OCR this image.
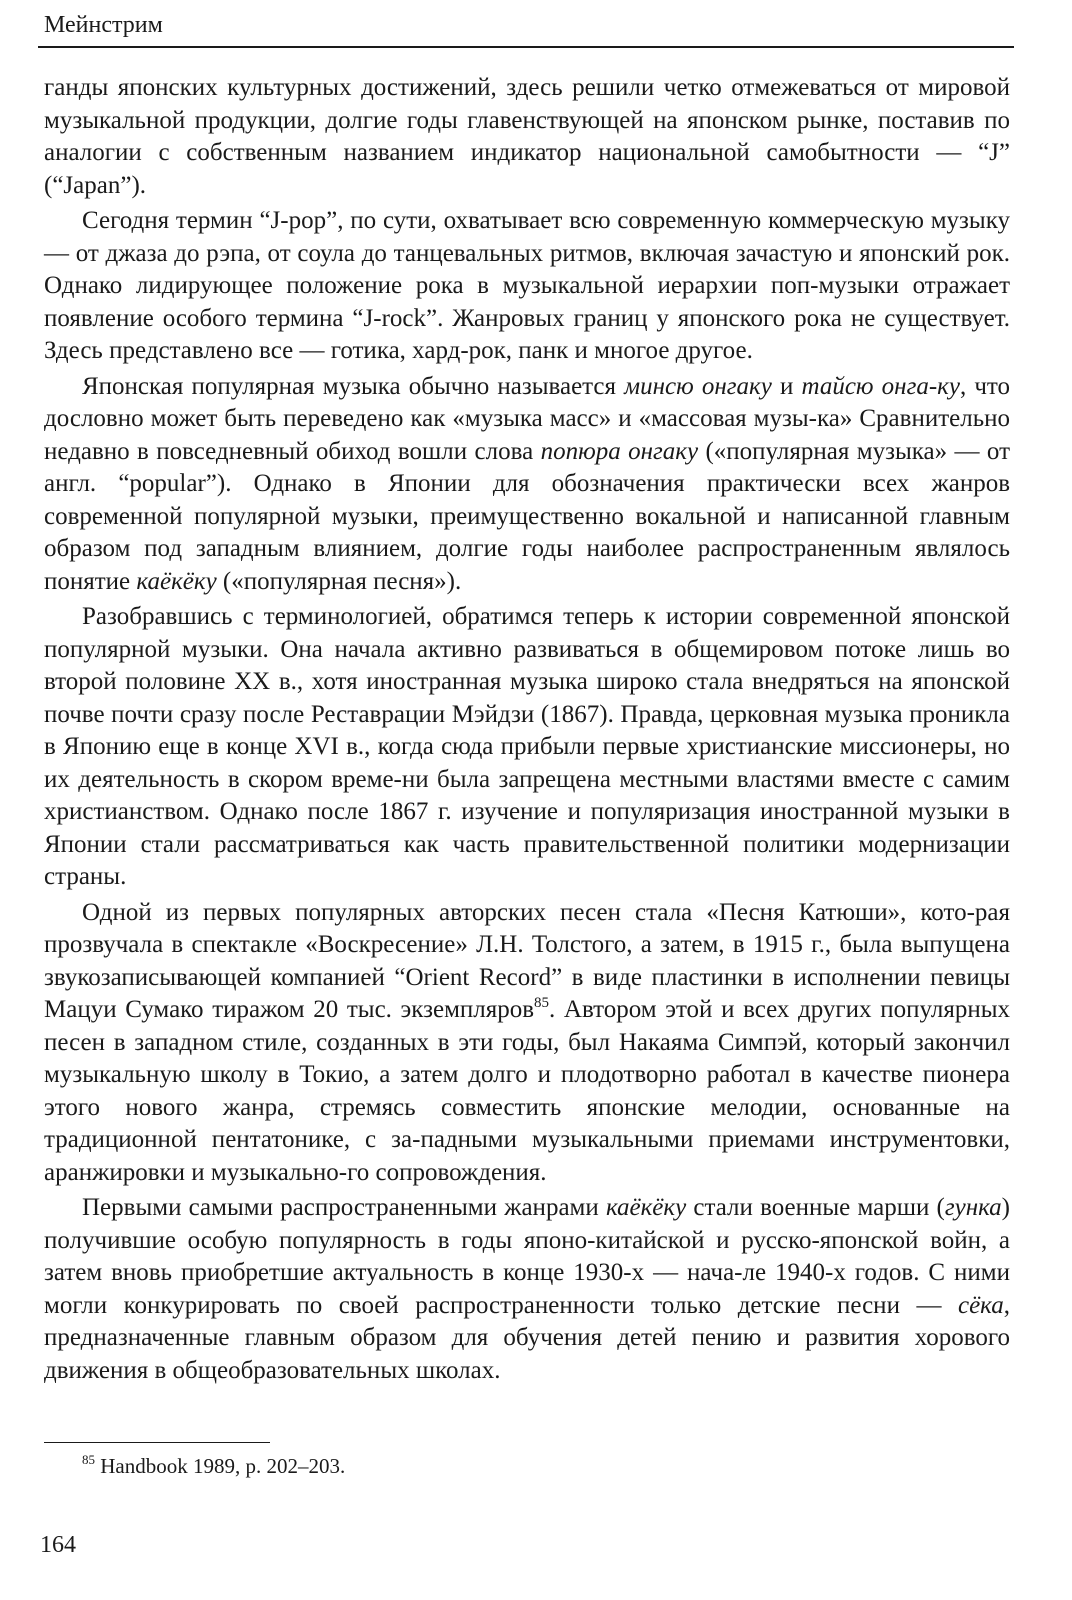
Мейнстрим

ганды японских культурных достижений, здесь решили четко отмежеваться от мировой музыкальной продукции, долгие годы главенствующей на японском рынке, поставив по аналогии с собственным названием индикатор национальной самобытности — “J” (“Japan”).

Сегодня термин “J-pop”, по сути, охватывает всю современную коммерческую музыку — от джаза до рэпа, от соула до танцевальных ритмов, включая зачастую и японский рок. Однако лидирующее положение рока в музыкальной иерархии поп-музыки отражает появление особого термина “J-rock”. Жанровых границ у японского рока не существует. Здесь представлено все — готика, хард-рок, панк и многое другое.

Японская популярная музыка обычно называется минсю онгаку и тайсю онга-ку, что дословно может быть переведено как «музыка масс» и «массовая музы-ка» Сравнительно недавно в повседневный обиход вошли слова попюра онгаку («популярная музыка» — от англ. “popular”). Однако в Японии для обозначения практически всех жанров современной популярной музыки, преимущественно вокальной и написанной главным образом под западным влиянием, долгие годы наиболее распространенным являлось понятие каёкёку («популярная песня»).

Разобравшись с терминологией, обратимся теперь к истории современной японской популярной музыки. Она начала активно развиваться в общемировом потоке лишь во второй половине XX в., хотя иностранная музыка широко стала внедряться на японской почве почти сразу после Реставрации Мэйдзи (1867). Правда, церковная музыка проникла в Японию еще в конце XVI в., когда сюда прибыли первые христианские миссионеры, но их деятельность в скором време-ни была запрещена местными властями вместе с самим христианством. Однако после 1867 г. изучение и популяризация иностранной музыки в Японии стали рассматриваться как часть правительственной политики модернизации страны.

Одной из первых популярных авторских песен стала «Песня Катюши», кото-рая прозвучала в спектакле «Воскресение» Л.Н. Толстого, а затем, в 1915 г., была выпущена звукозаписывающей компанией “Orient Record” в виде пластинки в исполнении певицы Мацуи Сумако тиражом 20 тыс. экземпляров$^{85}$. Автором этой и всех других популярных песен в западном стиле, созданных в эти годы, был Накаяма Симпэй, который закончил музыкальную школу в Токио, а затем долго и плодотворно работал в качестве пионера этого нового жанра, стремясь совместить японские мелодии, основанные на традиционной пентатонике, с за-падными музыкальными приемами инструментовки, аранжировки и музыкально-го сопровождения.

Первыми самыми распространенными жанрами каёкёку стали военные марши (гунка) получившие особую популярность в годы японо-китайской и русско-японской войн, а затем вновь приобретшие актуальность в конце 1930-х — нача-ле 1940-х годов. С ними могли конкурировать по своей распространенности только детские песни — сёка, предназначенные главным образом для обучения детей пению и развития хорового движения в общеобразовательных школах.

$^{85}$ Handbook 1989, p. 202–203.
164
